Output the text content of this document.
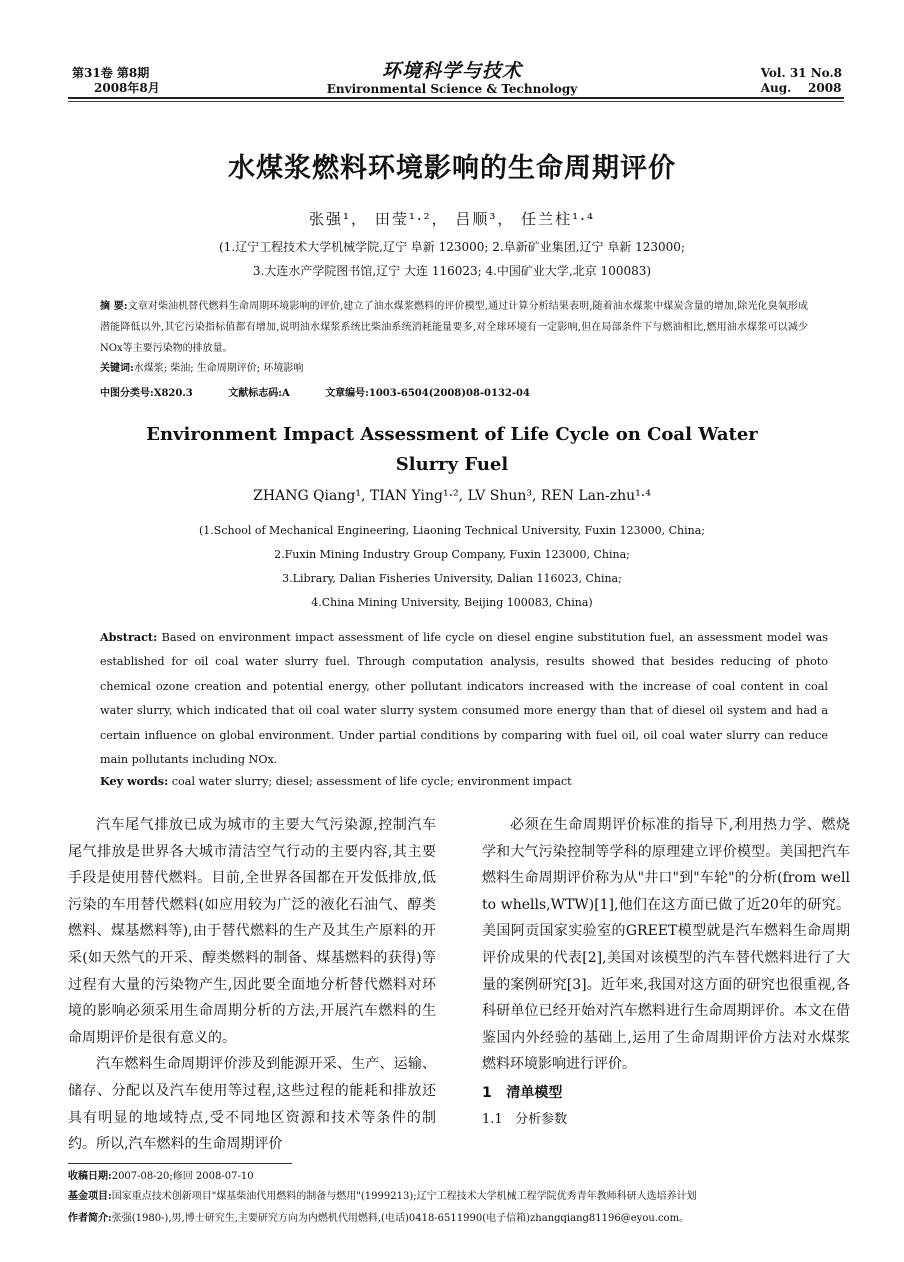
第31卷 第8期
2008年8月
环境科学与技术
Environmental Science & Technology
Vol. 31 No.8
Aug.    2008
水煤浆燃料环境影响的生命周期评价
张强¹， 田莹¹·²， 吕顺³， 任兰柱¹·⁴
(1.辽宁工程技术大学机械学院,辽宁 阜新 123000; 2.阜新矿业集团,辽宁 阜新 123000;
3.大连水产学院图书馆,辽宁 大连 116023; 4.中国矿业大学,北京 100083)
摘 要:文章对柴油机替代燃料生命周期环境影响的评价,建立了油水煤浆燃料的评价模型,通过计算分析结果表明,随着油水煤浆中煤炭含量的增加,除光化臭氧形成潜能降低以外,其它污染指标值都有增加,说明油水煤浆系统比柴油系统消耗能量要多,对全球环境有一定影响,但在局部条件下与燃油相比,燃用油水煤浆可以减少NOx等主要污染物的排放量。
关键词:水煤浆; 柴油; 生命周期评价; 环境影响
中图分类号:X820.3	文献标志码:A	文章编号:1003-6504(2008)08-0132-04
Environment Impact Assessment of Life Cycle on Coal Water
Slurry Fuel
ZHANG Qiang¹, TIAN Ying¹·², LV Shun³, REN Lan-zhu¹·⁴
(1.School of Mechanical Engineering, Liaoning Technical University, Fuxin 123000, China;
2.Fuxin Mining Industry Group Company, Fuxin 123000, China;
3.Library, Dalian Fisheries University, Dalian 116023, China;
4.China Mining University, Beijing 100083, China)
Abstract: Based on environment impact assessment of life cycle on diesel engine substitution fuel, an assessment model was established for oil coal water slurry fuel. Through computation analysis, results showed that besides reducing of photo chemical ozone creation and potential energy, other pollutant indicators increased with the increase of coal content in coal water slurry, which indicated that oil coal water slurry system consumed more energy than that of diesel oil system and had a certain influence on global environment. Under partial conditions by comparing with fuel oil, oil coal water slurry can reduce main pollutants including NOx.
Key words: coal water slurry; diesel; assessment of life cycle; environment impact

汽车尾气排放已成为城市的主要大气污染源,控制汽车尾气排放是世界各大城市清洁空气行动的主要内容,其主要手段是使用替代燃料。目前,全世界各国都在开发低排放,低污染的车用替代燃料(如应用较为广泛的液化石油气、醇类燃料、煤基燃料等),由于替代燃料的生产及其生产原料的开采(如天然气的开采、醇类燃料的制备、煤基燃料的获得)等过程有大量的污染物产生,因此要全面地分析替代燃料对环境的影响必须采用生命周期分析的方法,开展汽车燃料的生命周期评价是很有意义的。

汽车燃料生命周期评价涉及到能源开采、生产、运输、储存、分配以及汽车使用等过程,这些过程的能耗和排放还具有明显的地域特点,受不同地区资源和技术等条件的制约。所以,汽车燃料的生命周期评价

必须在生命周期评价标准的指导下,利用热力学、燃烧学和大气污染控制等学科的原理建立评价模型。美国把汽车燃料生命周期评价称为从"井口"到"车轮"的分析(from well to whells,WTW)[1],他们在这方面已做了近20年的研究。美国阿贡国家实验室的GREET模型就是汽车燃料生命周期评价成果的代表[2],美国对该模型的汽车替代燃料进行了大量的案例研究[3]。近年来,我国对这方面的研究也很重视,各科研单位已经开始对汽车燃料进行生命周期评价。本文在借鉴国内外经验的基础上,运用了生命周期评价方法对水煤浆燃料环境影响进行评价。

1   清单模型
1.1   分析参数
收稿日期:2007-08-20;修回 2008-07-10
基金项目:国家重点技术创新项目"煤基柴油代用燃料的制备与燃用"(1999213);辽宁工程技术大学机械工程学院优秀青年教师科研人选培养计划
作者简介:张强(1980-),男,博士研究生,主要研究方向为内燃机代用燃料,(电话)0418-6511990(电子信箱)zhangqiang81196@eyou.com。
